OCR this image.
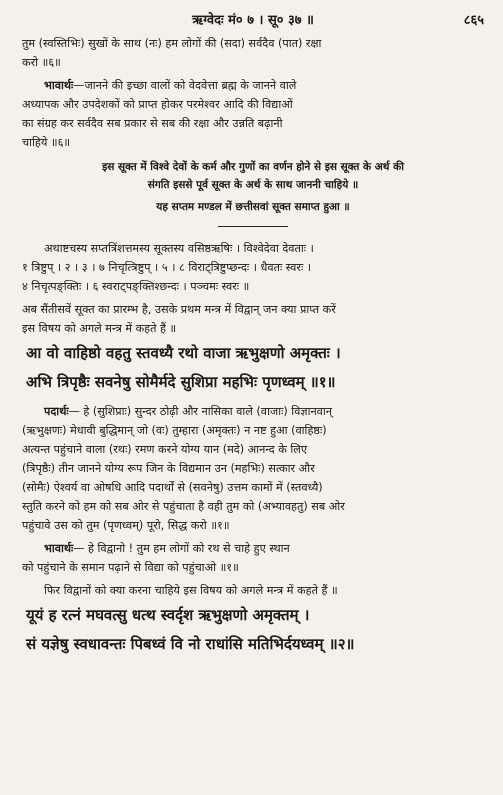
ऋग्वेदः मं० ७ । सू० ३७ ॥	८६५

तुम (स्वस्तिभिः) सुखों के साथ (नः) हम लोगों की (सदा) सर्वदैव (पात) रक्षा

करो ॥६॥

भावार्थः—जानने की इच्छा वालों को वेदवेत्ता ब्रह्म के जानने वाले

अध्यापक और उपदेशकों को प्राप्त होकर परमेश्वर आदि की विद्याओं

का संग्रह कर सर्वदैव सब प्रकार से सब की रक्षा और उन्नति बढ़ानी

चाहिये ॥६॥

इस सूक्त में विश्वे देवों के कर्म और गुणों का वर्णन होने से इस सूक्त के अर्थ की

संगति इससे पूर्व सूक्त के अर्थ के साथ जाननी चाहिये ॥

यह सप्तम मण्डल में छत्तीसवां सूक्त समाप्त हुआ ॥

अथाष्टचस्य सप्तत्रिंशत्तमस्य सूक्तस्य वसिष्ठऋषिः । विश्वेदेवा देवताः ।

१ त्रिष्टुप् । २ । ३ । ७ निचृत्त्रिष्टुप् । ५ । ८ विराट्त्रिष्टुप्छन्दः । धैवतः स्वरः ।

४ निचृत्पङ्क्तिः । ६ स्वराट्पङ्क्तिश्छन्दः । पञ्चमः स्वरः ॥

अब सैंतीसवें सूक्त का प्रारम्भ है, उसके प्रथम मन्त्र में विद्वान् जन क्या प्राप्त करें

इस विषय को अगले मन्त्र में कहते हैं ॥

आ वो वाहिष्ठो वहतु स्तवध्यै रथो वाजा ऋभुक्षणो अमृक्तः ।
अभि त्रिपृष्ठैः सवनेषु सोमैर्मदे सुशिप्रा महभिः पृणध्वम् ॥१॥

पदार्थः— हे (सुशिप्राः) सुन्दर ठोढ़ी और नासिका वाले (वाजाः) विज्ञानवान्

(ऋभुक्षणः) मेधावी बुद्धिमान् जो (वः) तुम्हारा (अमृक्तः) न नष्ट हुआ (वाहिष्ठः)

अत्यन्त पहुंचाने वाला (रथः) रमण करने योग्य यान (मदे) आनन्द के लिए

(त्रिपृष्ठैः) तीन जानने योग्य रूप जिन के विद्यमान उन (महभिः) सत्कार और

(सोमैः) ऐश्वर्य वा ओषधि आदि पदार्थों से (सवनेषु) उत्तम कामों में (स्तवध्यै)

स्तुति करने को हम को सब ओर से पहुंचाता है वही तुम को (अभ्यावहतु) सब ओर

पहुंचावे उस को तुम (पृणध्वम्) पूरो, सिद्ध करो ॥१॥

भावार्थः— हे विद्वानो ! तुम हम लोगों को रथ से चाहे हुए स्थान

को पहुंचाने के समान पढ़ाने से विद्या को पहुंचाओ ॥१॥

फिर विद्वानों को क्या करना चाहिये इस विषय को अगले मन्त्र में कहते हैं ॥

यूयं ह रत्नं मघवत्सु धत्थ स्वर्दृश ऋभुक्षणो अमृक्तम् ।
सं यज्ञेषु स्वधावन्तः पिबध्वं वि नो राधांसि मतिभिर्दयध्वम् ॥२॥
